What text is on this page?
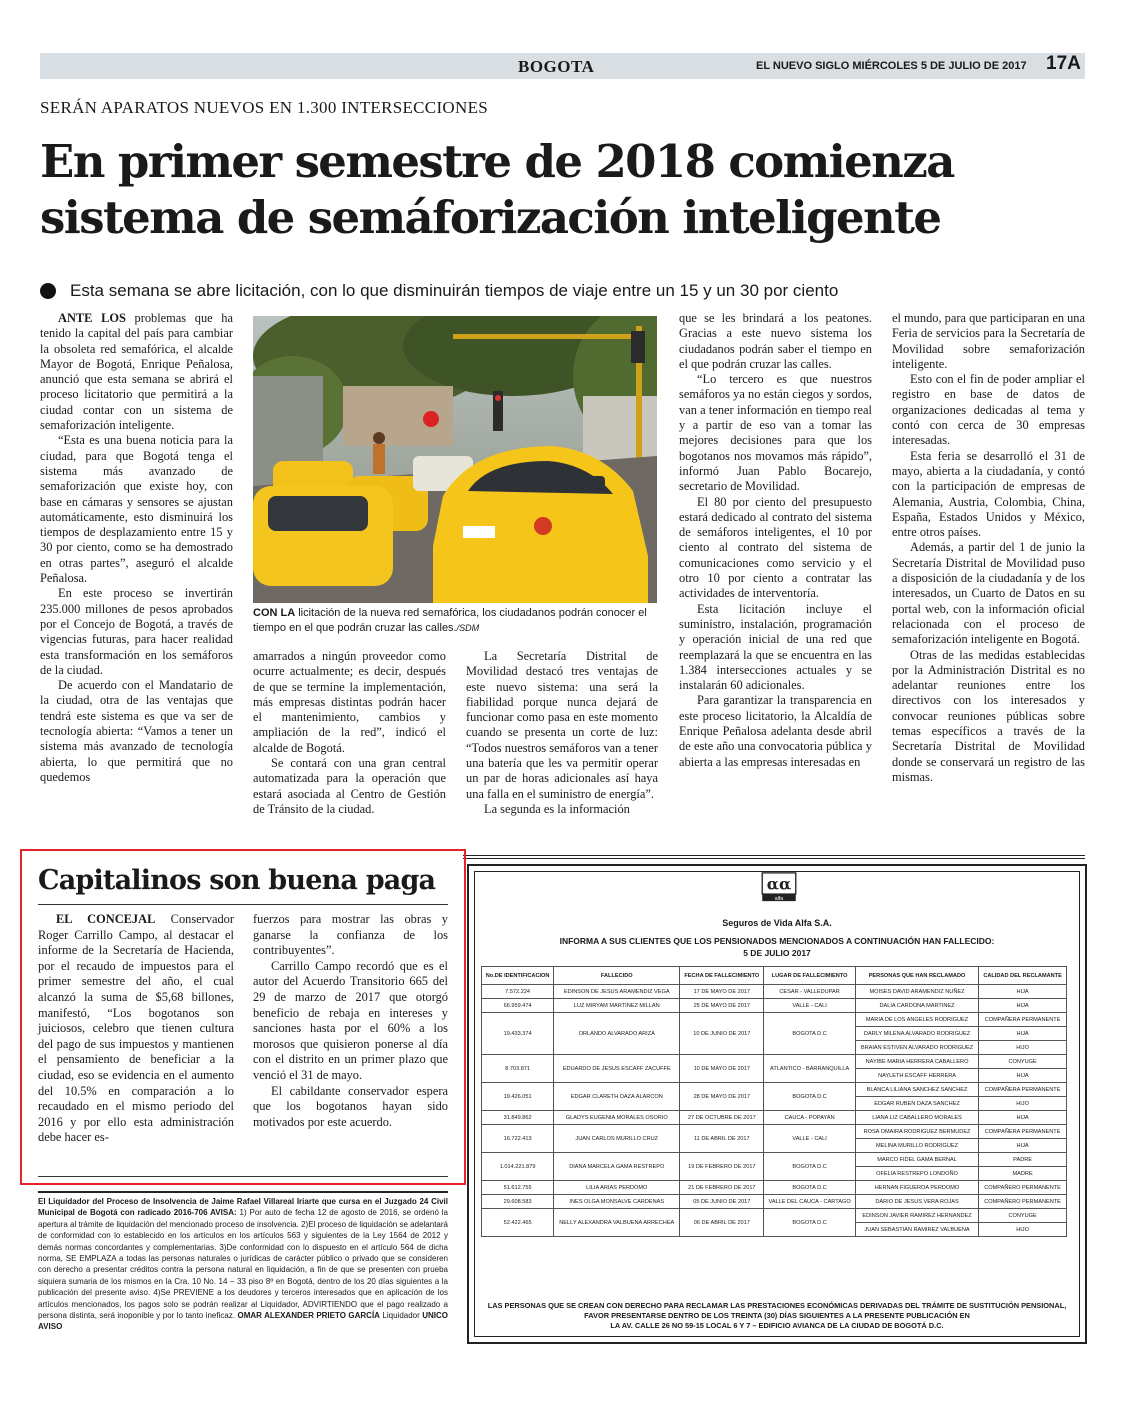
BOGOTA	EL NUEVO SIGLO MIÉRCOLES 5 DE JULIO DE 2017 17A
SERÁN APARATOS NUEVOS EN 1.300 INTERSECCIONES
En primer semestre de 2018 comienza sistema de semáforización inteligente
Esta semana se abre licitación, con lo que disminuirán tiempos de viaje entre un 15 y un 30 por ciento

ANTE LOS problemas que ha tenido la capital del país para cambiar la obsoleta red semafórica, el alcalde Mayor de Bogotá, Enrique Peñalosa, anunció que esta semana se abrirá el proceso licitatorio que permitirá a la ciudad contar con un sistema de semaforización inteligente.

“Esta es una buena noticia para la ciudad, para que Bogotá tenga el sistema más avanzado de semaforización que existe hoy, con base en cámaras y sensores se ajustan automáticamente, esto disminuirá los tiempos de desplazamiento entre 15 y 30 por ciento, como se ha demostrado en otras partes”, aseguró el alcalde Peñalosa.

En este proceso se invertirán 235.000 millones de pesos aprobados por el Concejo de Bogotá, a través de vigencias futuras, para hacer realidad esta transformación en los semáforos de la ciudad.

De acuerdo con el Mandatario de la ciudad, otra de las ventajas que tendrá este sistema es que va ser de tecnología abierta: “Vamos a tener un sistema más avanzado de tecnología abierta, lo que permitirá que no quedemos

CON LA licitación de la nueva red semafórica, los ciudadanos podrán conocer el tiempo en el que podrán cruzar las calles./SDM

amarrados a ningún proveedor como ocurre actualmente; es decir, después de que se termine la implementación, más empresas distintas podrán hacer el mantenimiento, cambios y ampliación de la red”, indicó el alcalde de Bogotá.

Se contará con una gran central automatizada para la operación que estará asociada al Centro de Gestión de Tránsito de la ciudad.

La Secretaría Distrital de Movilidad destacó tres ventajas de este nuevo sistema: una será la fiabilidad porque nunca dejará de funcionar como pasa en este momento cuando se presenta un corte de luz: “Todos nuestros semáforos van a tener una batería que les va permitir operar un par de horas adicionales así haya una falla en el suministro de energía”.

La segunda es la información

que se les brindará a los peatones. Gracias a este nuevo sistema los ciudadanos podrán saber el tiempo en el que podrán cruzar las calles.

“Lo tercero es que nuestros semáforos ya no están ciegos y sordos, van a tener información en tiempo real y a partir de eso van a tomar las mejores decisiones para que los bogotanos nos movamos más rápido”, informó Juan Pablo Bocarejo, secretario de Movilidad.

El 80 por ciento del presupuesto estará dedicado al contrato del sistema de semáforos inteligentes, el 10 por ciento al contrato del sistema de comunicaciones como servicio y el otro 10 por ciento a contratar las actividades de interventoría.

Esta licitación incluye el suministro, instalación, programación y operación inicial de una red que reemplazará la que se encuentra en las 1.384 intersecciones actuales y se instalarán 60 adicionales.

Para garantizar la transparencia en este proceso licitatorio, la Alcaldía de Enrique Peñalosa adelanta desde abril de este año una convocatoria pública y abierta a las empresas interesadas en

el mundo, para que participaran en una Feria de servicios para la Secretaría de Movilidad sobre semaforización inteligente.

Esto con el fin de poder ampliar el registro en base de datos de organizaciones dedicadas al tema y contó con cerca de 30 empresas interesadas.

Esta feria se desarrolló el 31 de mayo, abierta a la ciudadanía, y contó con la participación de empresas de Alemania, Austria, Colombia, China, España, Estados Unidos y México, entre otros países.

Además, a partir del 1 de junio la Secretaría Distrital de Movilidad puso a disposición de la ciudadanía y de los interesados, un Cuarto de Datos en su portal web, con la información oficial relacionada con el proceso de semaforización inteligente en Bogotá.

Otras de las medidas establecidas por la Administración Distrital es no adelantar reuniones entre los directivos con los interesados y convocar reuniones públicas sobre temas específicos a través de la Secretaría Distrital de Movilidad donde se conservará un registro de las mismas.

Capitalinos son buena paga

EL CONCEJAL Conservador Roger Carrillo Campo, al destacar el informe de la Secretaría de Hacienda, por el recaudo de impuestos para el primer semestre del año, el cual alcanzó la suma de $5,68 billones, manifestó, “Los bogotanos son juiciosos, celebro que tienen cultura del pago de sus impuestos y mantienen el pensamiento de beneficiar a la ciudad, eso se evidencia en el aumento del 10.5% en comparación a lo recaudado en el mismo periodo del 2016 y por ello esta administración debe hacer es-

fuerzos para mostrar las obras y ganarse la confianza de los contribuyentes”.

Carrillo Campo recordó que es el autor del Acuerdo Transitorio 665 del 29 de marzo de 2017 que otorgó beneficio de rebaja en intereses y sanciones hasta por el 60% a los morosos que quisieron ponerse al día con el distrito en un primer plazo que venció el 31 de mayo.

El cabildante conservador espera que los bogotanos hayan sido motivados por este acuerdo.

El Liquidador del Proceso de Insolvencia de Jaime Rafael Villareal Iriarte que cursa en el Juzgado 24 Civil Municipal de Bogotá con radicado 2016-706 AVISA: 1) Por auto de fecha 12 de agosto de 2016, se ordenó la apertura al trámite de liquidación del mencionado proceso de insolvencia. 2)El proceso de liquidación se adelantará de conformidad con lo establecido en los artículos en los artículos 563 y siguientes de la Ley 1564 de 2012 y demás normas concordantes y complementarias. 3)De conformidad con lo dispuesto en el artículo 564 de dicha norma, SE EMPLAZA a todas las personas naturales o jurídicas de carácter público o privado que se consideren con derecho a presentar créditos contra la persona natural en liquidación, a fin de que se presenten con prueba siquiera sumaria de los mismos en la Cra. 10 No. 14 – 33 piso 8º en Bogotá, dentro de los 20 días siguientes a la publicación del presente aviso. 4)Se PREVIENE a los deudores y terceros interesados que en aplicación de los artículos mencionados, los pagos solo se podrán realizar al Liquidador, ADVIRTIENDO que el pago realizado a persona distinta, será inoponible y por lo tanto ineficaz. OMAR ALEXANDER PRIETO GARCÍA Liquidador UNICO AVISO
αα
alfa
Seguros de Vida Alfa S.A.
INFORMA A SUS CLIENTES QUE LOS PENSIONADOS MENCIONADOS A CONTINUACIÓN HAN FALLECIDO:
5 DE JULIO 2017
No.DE IDENTIFICACION	FALLECIDO	FECHA DE FALLECIMIENTO	LUGAR DE FALLECIMIENTO	PERSONAS QUE HAN RECLAMADO	CALIDAD DEL RECLAMANTE
7.572.224	EDINSON DE JESUS ARAMENDIZ VEGA	17 DE MAYO DE 2017	CESAR - VALLEDUPAR	MOISES DAVID ARAMENDIZ NUÑEZ	HIJA
66.959.474	LUZ MIRYAM MARTINEZ MILLAN	25 DE MAYO DE 2017	VALLE - CALI	DALIA CARDONA MARTINEZ	HIJA
19.433.374	ORLANDO ALVARADO ARIZA	10 DE JUNIO DE 2017	BOGOTA D.C	MARIA DE LOS ANGELES RODRIGUEZ	COMPAÑERA PERMANENTE
				DARLY MILENA ALVARADO RODRIGUEZ	HIJA
				BRAIAN ESTIVEN ALVARADO RODRIGUEZ	HIJO
8.703.871	EDUARDO DE JESUS ESCAFF ZACUFFE	10 DE MAYO DE 2017	ATLANTICO - BARRANQUILLA	NAYIBE MARIA HERRERA CABALLERO	CONYUGE
				NAYLETH ESCAFF HERRERA	HIJA
19.426.051	EDGAR CLARETH DAZA ALARCON	28 DE MAYO DE 2017	BOGOTA D.C	BLANCA LILIANA SANCHEZ SANCHEZ	COMPAÑERA PERMANENTE
				EDGAR RUBEN DAZA SANCHEZ	HIJO
31.849.862	GLADYS EUGENIA MORALES OSORIO	27 DE OCTUBRE DE 2017	CAUCA - POPAYAN	LIANA LIZ CABALLERO MORALES	HIJA
16.722.413	JUAN CARLOS MURILLO CRUZ	11 DE ABRIL DE 2017	VALLE - CALI	ROSA OMAIRA RODRIGUEZ BERMUDEZ	COMPAÑERA PERMANENTE
				MELINA MURILLO RODRIGUEZ	HIJA
1.014.221.879	DIANA MARCELA GAMA RESTREPO	19 DE FEBRERO DE 2017	BOGOTA D.C	MARCO FIDEL GAMA BERNAL	PADRE
				OFELIA RESTREPO LONDOÑO	MADRE
51.612.755	LILIA ARIAS PERDOMO	21 DE FEBRERO DE 2017	BOGOTA D.C	HERNAN FIGUEROA PERDOMO	COMPAÑERO PERMANENTE
29.608.583	INES OLGA MONSALVE CARDENAS	05 DE JUNIO DE 2017	VALLE DEL CAUCA - CARTAGO	DARIO DE JESUS VERA ROJAS	COMPAÑERO PERMANENTE
52.422.465	NELLY ALEXANDRA VALBUENA ARRECHEA	06 DE ABRIL DE 2017	BOGOTA D.C	EDINSON JAVIER RAMIREZ HERNANDEZ	CONYUGE
				JUAN SEBASTIAN RAMIREZ VALBUENA	HIJO
LAS PERSONAS QUE SE CREAN CON DERECHO PARA RECLAMAR LAS PRESTACIONES ECONÓMICAS DERIVADAS DEL TRÁMITE DE SUSTITUCIÓN PENSIONAL,
FAVOR PRESENTARSE DENTRO DE LOS TREINTA (30) DÍAS SIGUIENTES A LA PRESENTE PUBLICACIÓN EN
LA AV. CALLE 26 NO 59-15 LOCAL 6 Y 7 – EDIFICIO AVIANCA DE LA CIUDAD DE BOGOTÁ D.C.
